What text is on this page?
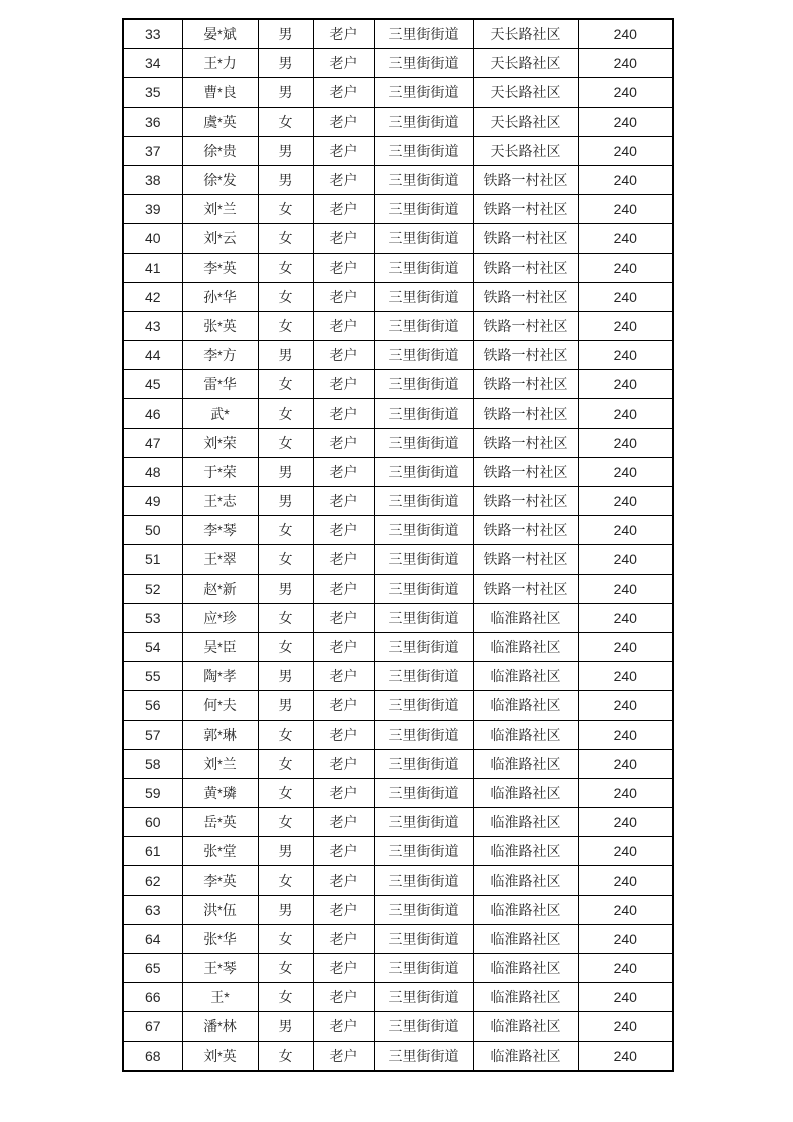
33	晏*斌	男	老户	三里街街道	天长路社区	240
34	王*力	男	老户	三里街街道	天长路社区	240
35	曹*良	男	老户	三里街街道	天长路社区	240
36	虞*英	女	老户	三里街街道	天长路社区	240
37	徐*贵	男	老户	三里街街道	天长路社区	240
38	徐*发	男	老户	三里街街道	铁路一村社区	240
39	刘*兰	女	老户	三里街街道	铁路一村社区	240
40	刘*云	女	老户	三里街街道	铁路一村社区	240
41	李*英	女	老户	三里街街道	铁路一村社区	240
42	孙*华	女	老户	三里街街道	铁路一村社区	240
43	张*英	女	老户	三里街街道	铁路一村社区	240
44	李*方	男	老户	三里街街道	铁路一村社区	240
45	雷*华	女	老户	三里街街道	铁路一村社区	240
46	武*	女	老户	三里街街道	铁路一村社区	240
47	刘*荣	女	老户	三里街街道	铁路一村社区	240
48	于*荣	男	老户	三里街街道	铁路一村社区	240
49	王*志	男	老户	三里街街道	铁路一村社区	240
50	李*琴	女	老户	三里街街道	铁路一村社区	240
51	王*翠	女	老户	三里街街道	铁路一村社区	240
52	赵*新	男	老户	三里街街道	铁路一村社区	240
53	应*珍	女	老户	三里街街道	临淮路社区	240
54	吴*臣	女	老户	三里街街道	临淮路社区	240
55	陶*孝	男	老户	三里街街道	临淮路社区	240
56	何*夫	男	老户	三里街街道	临淮路社区	240
57	郭*琳	女	老户	三里街街道	临淮路社区	240
58	刘*兰	女	老户	三里街街道	临淮路社区	240
59	黄*璘	女	老户	三里街街道	临淮路社区	240
60	岳*英	女	老户	三里街街道	临淮路社区	240
61	张*堂	男	老户	三里街街道	临淮路社区	240
62	李*英	女	老户	三里街街道	临淮路社区	240
63	洪*伍	男	老户	三里街街道	临淮路社区	240
64	张*华	女	老户	三里街街道	临淮路社区	240
65	王*琴	女	老户	三里街街道	临淮路社区	240
66	王*	女	老户	三里街街道	临淮路社区	240
67	潘*林	男	老户	三里街街道	临淮路社区	240
68	刘*英	女	老户	三里街街道	临淮路社区	240
